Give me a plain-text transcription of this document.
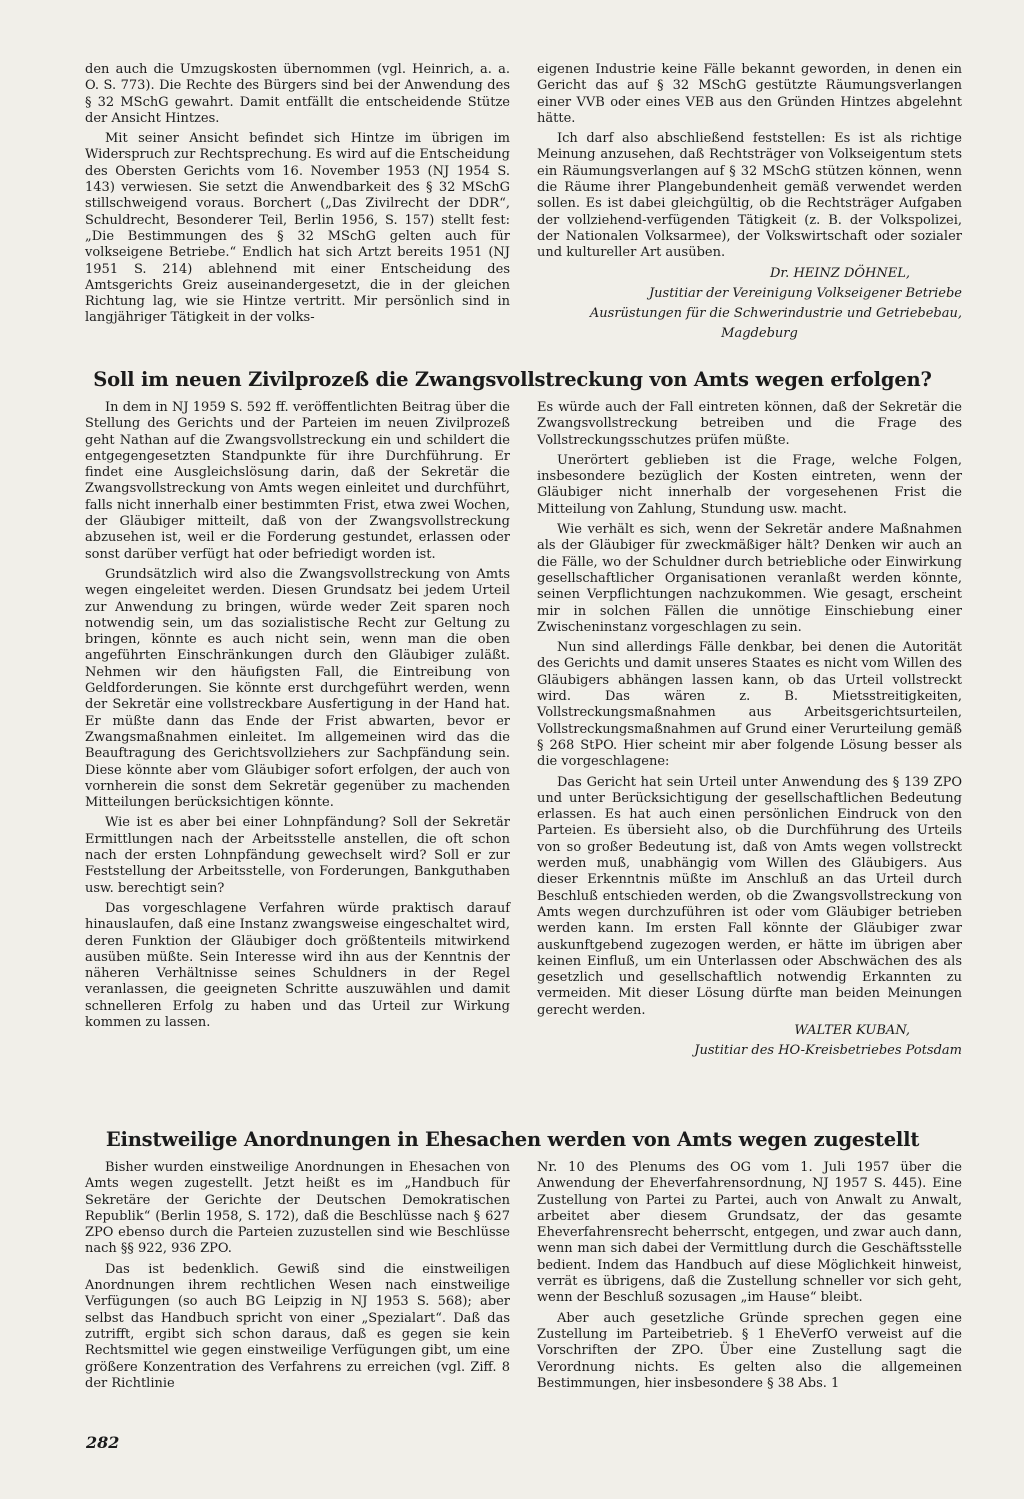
den auch die Umzugskosten übernommen (vgl. Heinrich, a. a. O. S. 773). Die Rechte des Bürgers sind bei der Anwendung des § 32 MSchG gewahrt. Damit entfällt die entscheidende Stütze der Ansicht Hintzes.

Mit seiner Ansicht befindet sich Hintze im übrigen im Widerspruch zur Rechtsprechung. Es wird auf die Entscheidung des Obersten Gerichts vom 16. November 1953 (NJ 1954 S. 143) verwiesen. Sie setzt die Anwendbarkeit des § 32 MSchG stillschweigend voraus. Borchert („Das Zivilrecht der DDR“, Schuldrecht, Besonderer Teil, Berlin 1956, S. 157) stellt fest: „Die Bestimmungen des § 32 MSchG gelten auch für volkseigene Betriebe.“ Endlich hat sich Artzt bereits 1951 (NJ 1951 S. 214) ablehnend mit einer Entscheidung des Amtsgerichts Greiz auseinandergesetzt, die in der gleichen Richtung lag, wie sie Hintze vertritt. Mir persönlich sind in langjähriger Tätigkeit in der volks-

eigenen Industrie keine Fälle bekannt geworden, in denen ein Gericht das auf § 32 MSchG gestützte Räumungsverlangen einer VVB oder eines VEB aus den Gründen Hintzes abgelehnt hätte.

Ich darf also abschließend feststellen: Es ist als richtige Meinung anzusehen, daß Rechtsträger von Volkseigentum stets ein Räumungsverlangen auf § 32 MSchG stützen können, wenn die Räume ihrer Plangebundenheit gemäß verwendet werden sollen. Es ist dabei gleichgültig, ob die Rechtsträger Aufgaben der vollziehend-verfügenden Tätigkeit (z. B. der Volkspolizei, der Nationalen Volksarmee), der Volkswirtschaft oder sozialer und kultureller Art ausüben.

Dr. HEINZ DÖHNEL,

Justitiar der Vereinigung Volkseigener Betriebe

Ausrüstungen für die Schwerindustrie und Getriebebau,

Magdeburg

Soll im neuen Zivilprozeß die Zwangsvollstreckung von Amts wegen erfolgen?

In dem in NJ 1959 S. 592 ff. veröffentlichten Beitrag über die Stellung des Gerichts und der Parteien im neuen Zivilprozeß geht Nathan auf die Zwangsvollstreckung ein und schildert die entgegengesetzten Standpunkte für ihre Durchführung. Er findet eine Ausgleichslösung darin, daß der Sekretär die Zwangsvollstreckung von Amts wegen einleitet und durchführt, falls nicht innerhalb einer bestimmten Frist, etwa zwei Wochen, der Gläubiger mitteilt, daß von der Zwangsvollstreckung abzusehen ist, weil er die Forderung gestundet, erlassen oder sonst darüber verfügt hat oder befriedigt worden ist.

Grundsätzlich wird also die Zwangsvollstreckung von Amts wegen eingeleitet werden. Diesen Grundsatz bei jedem Urteil zur Anwendung zu bringen, würde weder Zeit sparen noch notwendig sein, um das sozialistische Recht zur Geltung zu bringen, könnte es auch nicht sein, wenn man die oben angeführten Einschränkungen durch den Gläubiger zuläßt. Nehmen wir den häufigsten Fall, die Eintreibung von Geldforderungen. Sie könnte erst durchgeführt werden, wenn der Sekretär eine vollstreckbare Ausfertigung in der Hand hat. Er müßte dann das Ende der Frist abwarten, bevor er Zwangsmaßnahmen einleitet. Im allgemeinen wird das die Beauftragung des Gerichtsvollziehers zur Sachpfändung sein. Diese könnte aber vom Gläubiger sofort erfolgen, der auch von vornherein die sonst dem Sekretär gegenüber zu machenden Mitteilungen berücksichtigen könnte.

Wie ist es aber bei einer Lohnpfändung? Soll der Sekretär Ermittlungen nach der Arbeitsstelle anstellen, die oft schon nach der ersten Lohnpfändung gewechselt wird? Soll er zur Feststellung der Arbeitsstelle, von Forderungen, Bankguthaben usw. berechtigt sein?

Das vorgeschlagene Verfahren würde praktisch darauf hinauslaufen, daß eine Instanz zwangsweise eingeschaltet wird, deren Funktion der Gläubiger doch größtenteils mitwirkend ausüben müßte. Sein Interesse wird ihn aus der Kenntnis der näheren Verhältnisse seines Schuldners in der Regel veranlassen, die geeigneten Schritte auszuwählen und damit schnelleren Erfolg zu haben und das Urteil zur Wirkung kommen zu lassen.

Es würde auch der Fall eintreten können, daß der Sekretär die Zwangsvollstreckung betreiben und die Frage des Vollstreckungsschutzes prüfen müßte.

Unerörtert geblieben ist die Frage, welche Folgen, insbesondere bezüglich der Kosten eintreten, wenn der Gläubiger nicht innerhalb der vorgesehenen Frist die Mitteilung von Zahlung, Stundung usw. macht.

Wie verhält es sich, wenn der Sekretär andere Maßnahmen als der Gläubiger für zweckmäßiger hält? Denken wir auch an die Fälle, wo der Schuldner durch betriebliche oder Einwirkung gesellschaftlicher Organisationen veranlaßt werden könnte, seinen Verpflichtungen nachzukommen. Wie gesagt, erscheint mir in solchen Fällen die unnötige Einschiebung einer Zwischeninstanz vorgeschlagen zu sein.

Nun sind allerdings Fälle denkbar, bei denen die Autorität des Gerichts und damit unseres Staates es nicht vom Willen des Gläubigers abhängen lassen kann, ob das Urteil vollstreckt wird. Das wären z. B. Mietsstreitigkeiten, Vollstreckungsmaßnahmen aus Arbeitsgerichtsurteilen, Vollstreckungsmaßnahmen auf Grund einer Verurteilung gemäß § 268 StPO. Hier scheint mir aber folgende Lösung besser als die vorgeschlagene:

Das Gericht hat sein Urteil unter Anwendung des § 139 ZPO und unter Berücksichtigung der gesellschaftlichen Bedeutung erlassen. Es hat auch einen persönlichen Eindruck von den Parteien. Es übersieht also, ob die Durchführung des Urteils von so großer Bedeutung ist, daß von Amts wegen vollstreckt werden muß, unabhängig vom Willen des Gläubigers. Aus dieser Erkenntnis müßte im Anschluß an das Urteil durch Beschluß entschieden werden, ob die Zwangsvollstreckung von Amts wegen durchzuführen ist oder vom Gläubiger betrieben werden kann. Im ersten Fall könnte der Gläubiger zwar auskunftgebend zugezogen werden, er hätte im übrigen aber keinen Einfluß, um ein Unterlassen oder Abschwächen des als gesetzlich und gesellschaftlich notwendig Erkannten zu vermeiden. Mit dieser Lösung dürfte man beiden Meinungen gerecht werden.

WALTER KUBAN,

Justitiar des HO-Kreisbetriebes Potsdam

Einstweilige Anordnungen in Ehesachen werden von Amts wegen zugestellt

Bisher wurden einstweilige Anordnungen in Ehesachen von Amts wegen zugestellt. Jetzt heißt es im „Handbuch für Sekretäre der Gerichte der Deutschen Demokratischen Republik“ (Berlin 1958, S. 172), daß die Beschlüsse nach § 627 ZPO ebenso durch die Parteien zuzustellen sind wie Beschlüsse nach §§ 922, 936 ZPO.

Das ist bedenklich. Gewiß sind die einstweiligen Anordnungen ihrem rechtlichen Wesen nach einstweilige Verfügungen (so auch BG Leipzig in NJ 1953 S. 568); aber selbst das Handbuch spricht von einer „Spezialart“. Daß das zutrifft, ergibt sich schon daraus, daß es gegen sie kein Rechtsmittel wie gegen einstweilige Verfügungen gibt, um eine größere Konzentration des Verfahrens zu erreichen (vgl. Ziff. 8 der Richtlinie

Nr. 10 des Plenums des OG vom 1. Juli 1957 über die Anwendung der Eheverfahrensordnung, NJ 1957 S. 445). Eine Zustellung von Partei zu Partei, auch von Anwalt zu Anwalt, arbeitet aber diesem Grundsatz, der das gesamte Eheverfahrensrecht beherrscht, entgegen, und zwar auch dann, wenn man sich dabei der Vermittlung durch die Geschäftsstelle bedient. Indem das Handbuch auf diese Möglichkeit hinweist, verrät es übrigens, daß die Zustellung schneller vor sich geht, wenn der Beschluß sozusagen „im Hause“ bleibt.

Aber auch gesetzliche Gründe sprechen gegen eine Zustellung im Parteibetrieb. § 1 EheVerfO verweist auf die Vorschriften der ZPO. Über eine Zustellung sagt die Verordnung nichts. Es gelten also die allgemeinen Bestimmungen, hier insbesondere § 38 Abs. 1

282
